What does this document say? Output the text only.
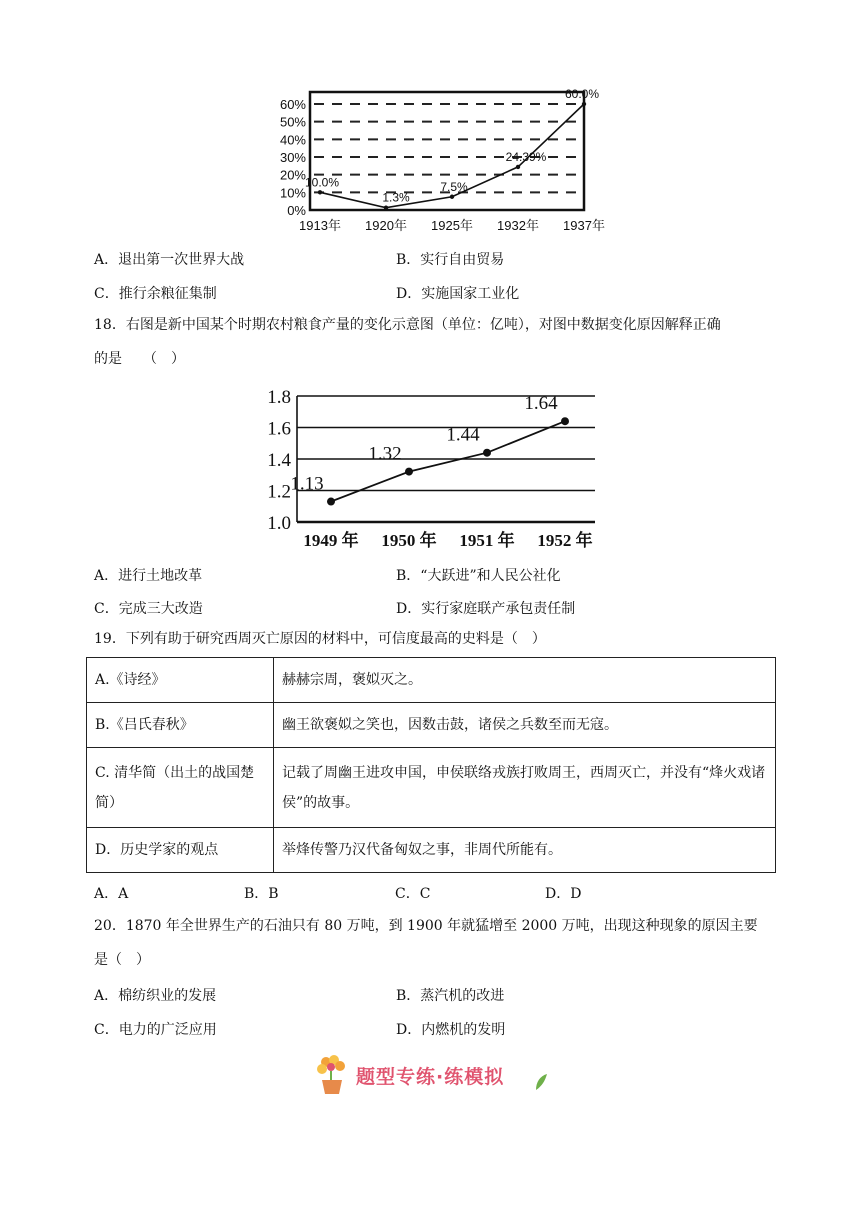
0%
10%
20%
30%
40%
50%
60%
1913年 1920年 1925年 1932年 1937年
10.0%
1.3%
7.5%
24.39%
60.0%
A．退出第一次世界大战	B．实行自由贸易
C．推行余粮征集制	D．实施国家工业化
18．右图是新中国某个时期农村粮食产量的变化示意图（单位：亿吨），对图中数据变化原因解释正确
的是　　（　）
1.0
1.2
1.4
1.6
1.8
1949 年 1950 年 1951 年 1952 年
1.13
1.32
1.44
1.64
A．进行土地改革	B．“大跃进”和人民公社化
C．完成三大改造	D．实行家庭联产承包责任制
19．下列有助于研究西周灭亡原因的材料中，可信度最高的史料是（　）
A.《诗经》	赫赫宗周，褒姒灭之。
B.《吕氏春秋》	幽王欲褒姒之笑也，因数击鼓，诸侯之兵数至而无寇。
C. 清华简（出土的战国楚简）	记载了周幽王进攻申国，申侯联络戎族打败周王，西周灭亡，并没有“烽火戏诸侯”的故事。
D．历史学家的观点	举烽传警乃汉代备匈奴之事，非周代所能有。
A．A	B．B	C．C	D．D
20．1870 年全世界生产的石油只有 80 万吨，到 1900 年就猛增至 2000 万吨，出现这种现象的原因主要
是（　）
A．棉纺织业的发展	B．蒸汽机的改进
C．电力的广泛应用	D．内燃机的发明
题型专练·练模拟
